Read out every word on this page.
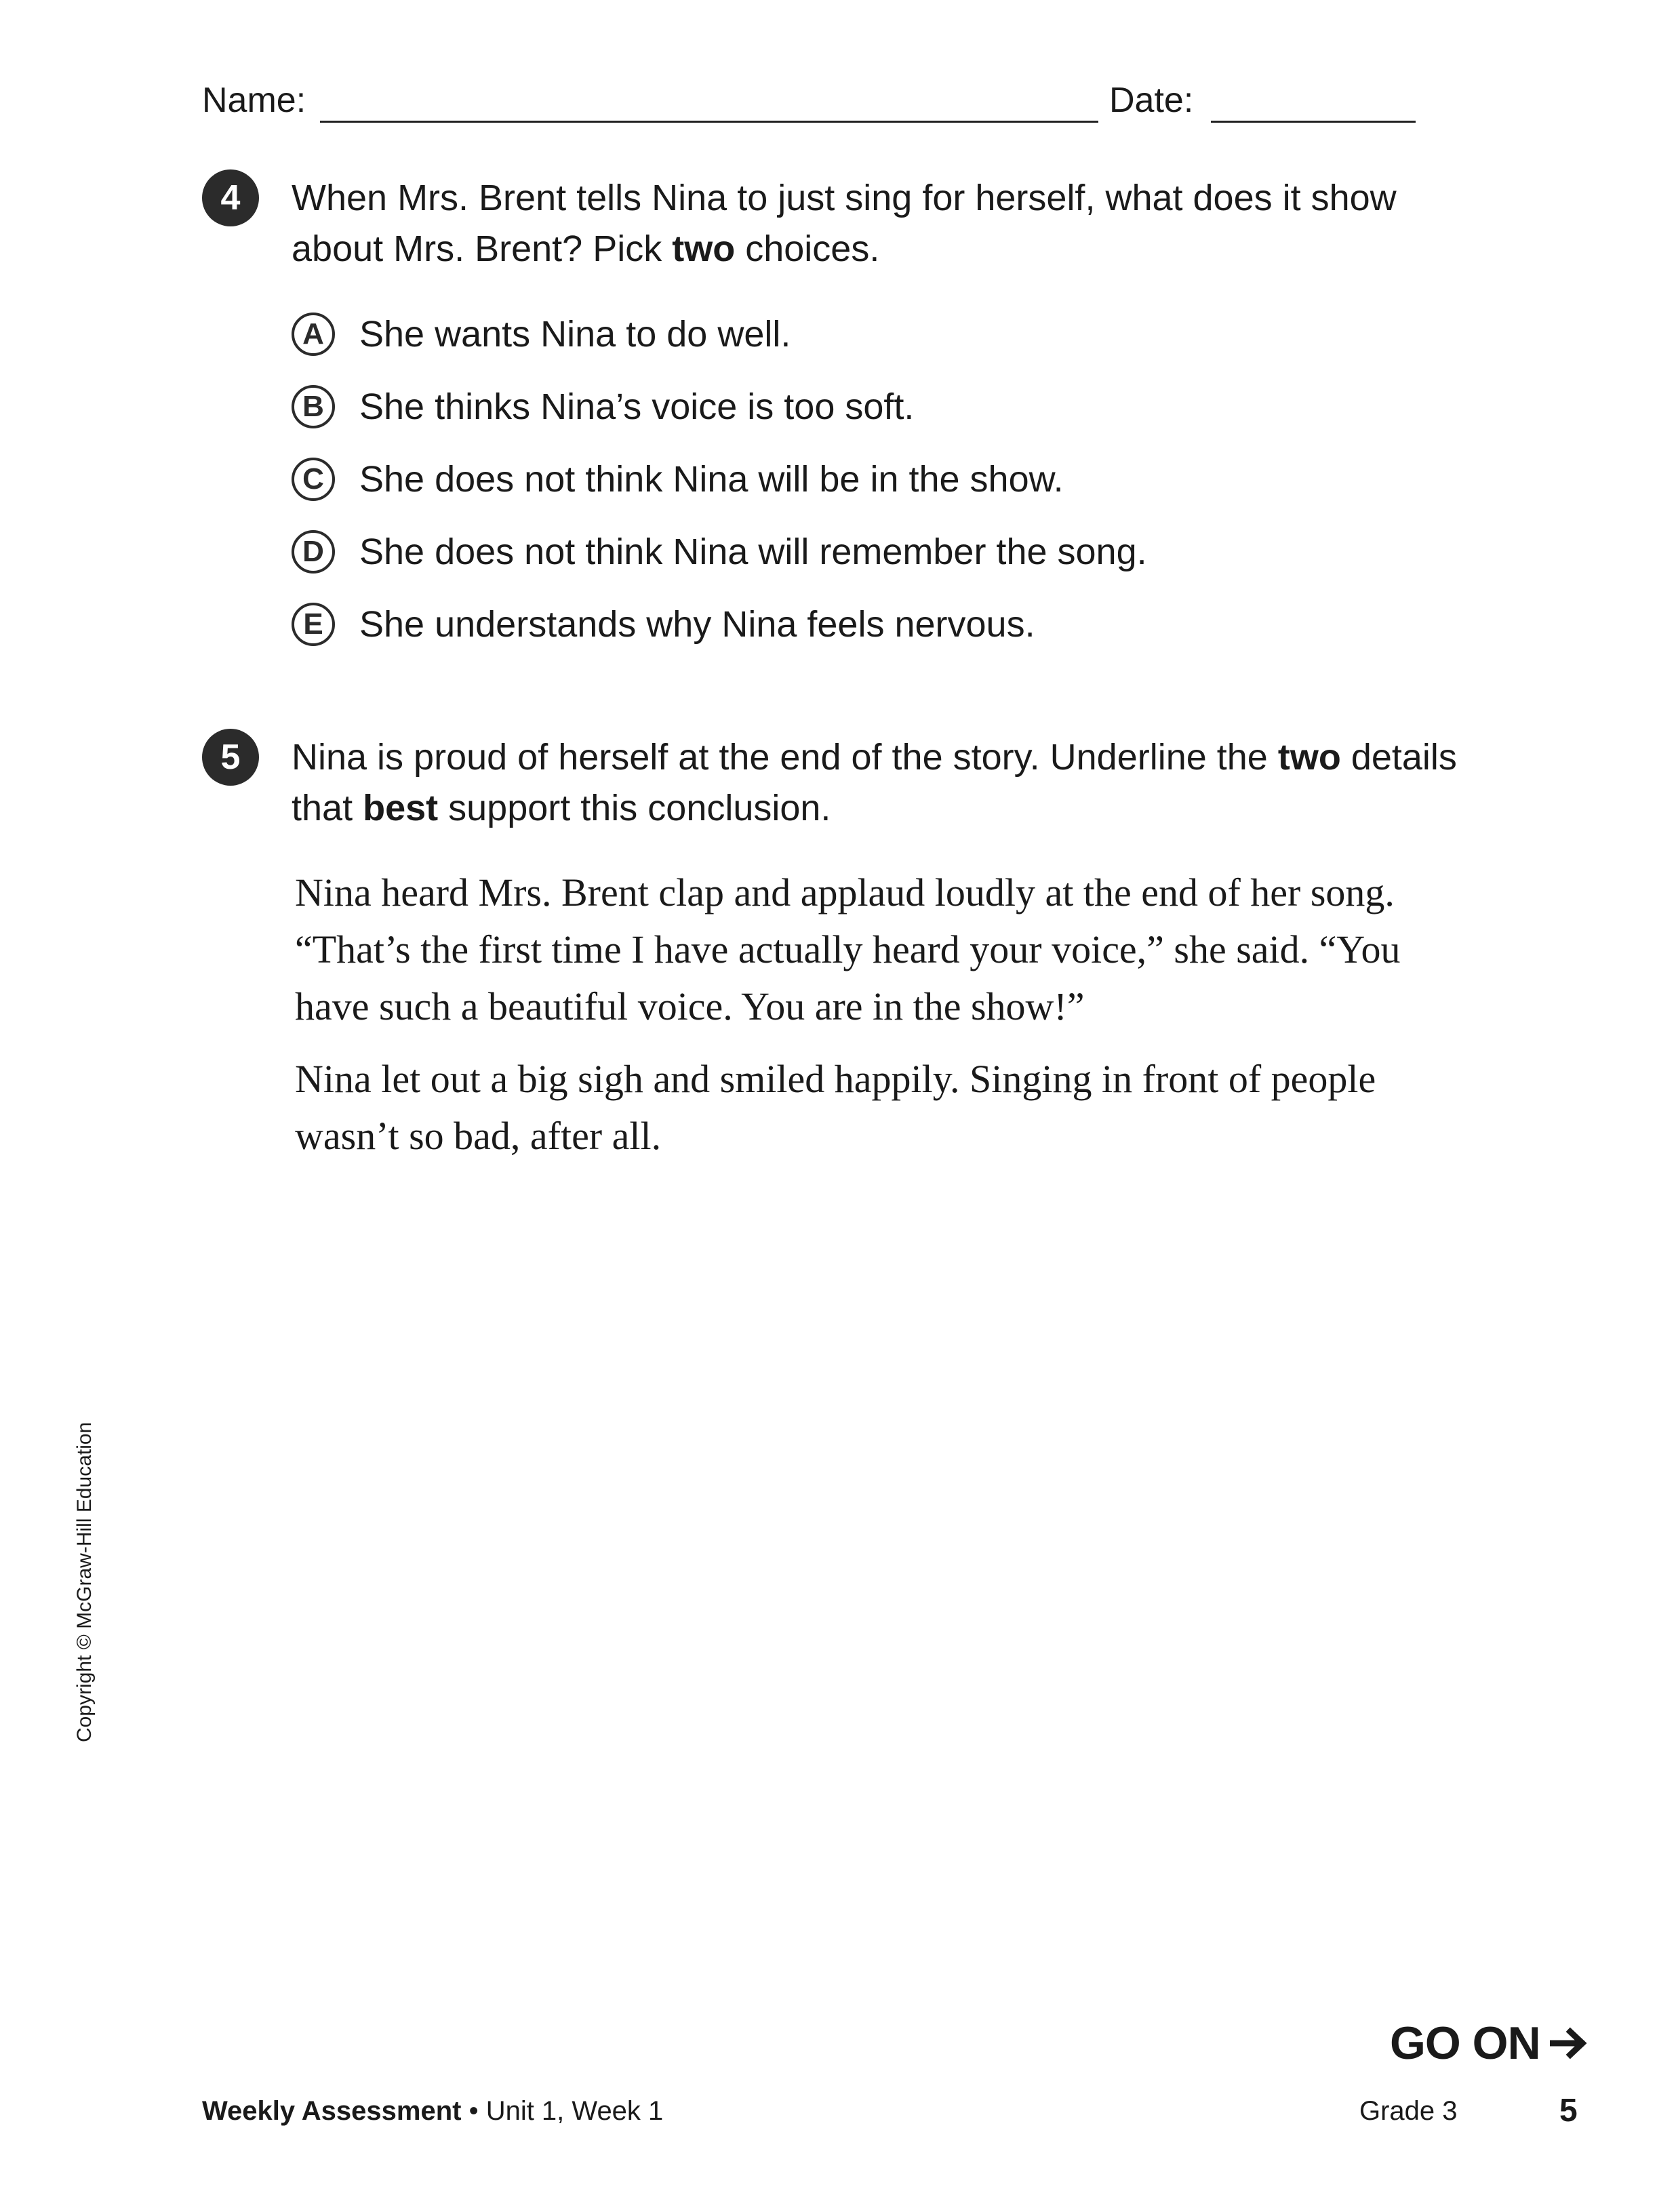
Name:	Date:
4	When Mrs. Brent tells Nina to just sing for herself, what does it show about Mrs. Brent? Pick two choices.
A She wants Nina to do well.
B She thinks Nina’s voice is too soft.
C She does not think Nina will be in the show.
D She does not think Nina will remember the song.
E She understands why Nina feels nervous.
5	Nina is proud of herself at the end of the story. Underline the two details that best support this conclusion.
Nina heard Mrs. Brent clap and applaud loudly at the end of her song. “That’s the first time I have actually heard your voice,” she said. “You have such a beautiful voice. You are in the show!”
Nina let out a big sigh and smiled happily. Singing in front of people wasn’t so bad, after all.
Copyright © McGraw-Hill Education
GO ON
Weekly Assessment • Unit 1, Week 1	Grade 3	5
